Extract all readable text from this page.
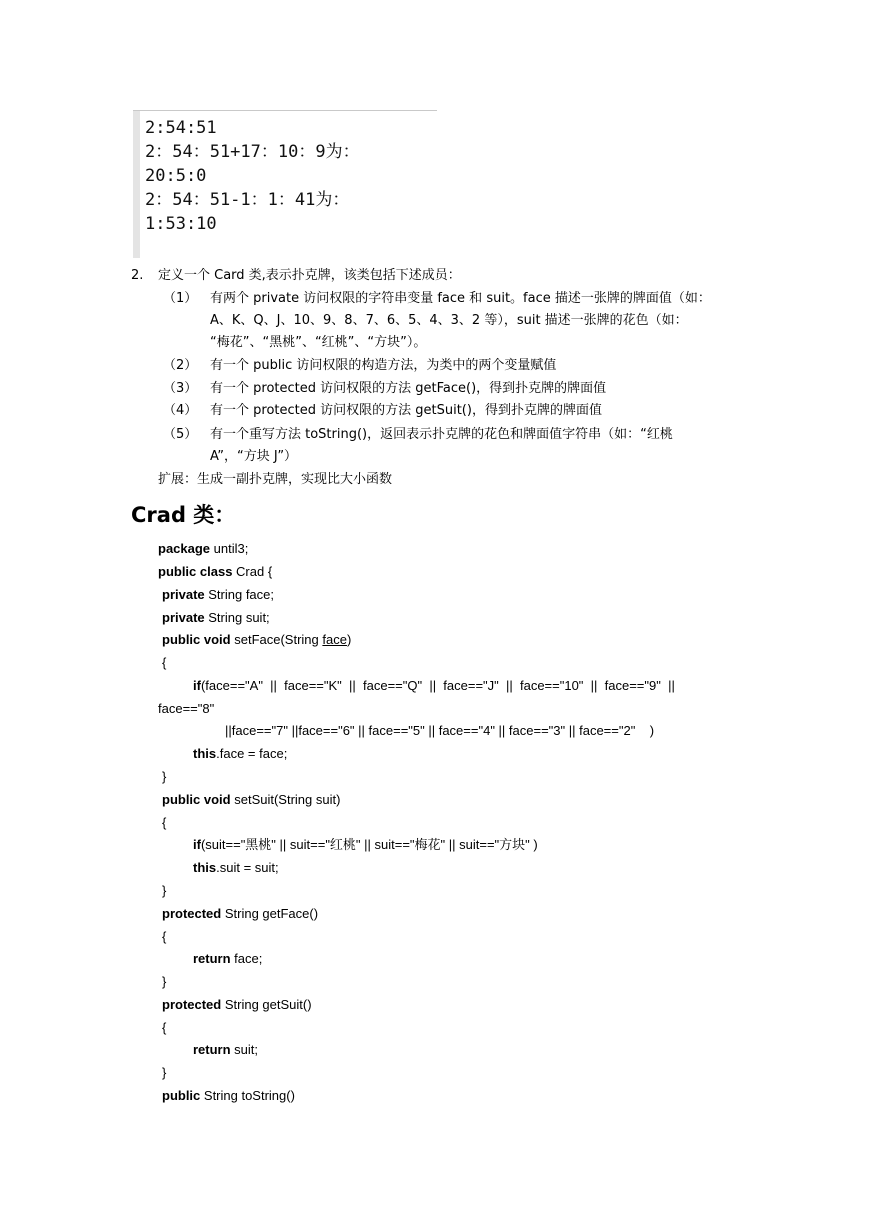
2:54:51
2：54：51+17：10：9为：
20:5:0
2：54：51-1：1：41为：
1:53:10
2. 定义一个 Card 类,表示扑克牌，该类包括下述成员：
（1） 有两个 private 访问权限的字符串变量 face 和 suit。face 描述一张牌的牌面值（如：
A、K、Q、J、10、9、8、7、6、5、4、3、2 等），suit 描述一张牌的花色（如：
“梅花”、“黑桃”、“红桃”、“方块”）。
（2） 有一个 public 访问权限的构造方法，为类中的两个变量赋值
（3） 有一个 protected 访问权限的方法 getFace()，得到扑克牌的牌面值
（4） 有一个 protected 访问权限的方法 getSuit()，得到扑克牌的牌面值
（5） 有一个重写方法 toString()，返回表示扑克牌的花色和牌面值字符串（如：“红桃
A”，“方块 J”）
扩展：生成一副扑克牌，实现比大小函数
Crad 类：
package until3;
public class Crad {
private String face;
private String suit;
public void setFace(String face)
{
if(face=="A"  ||  face=="K"  ||  face=="Q"  ||  face=="J"  ||  face=="10"  ||  face=="9"  ||
face=="8"
||face=="7" ||face=="6" || face=="5" || face=="4" || face=="3" || face=="2"    )
this.face = face;
}
public void setSuit(String suit)
{
if(suit=="黑桃" || suit=="红桃" || suit=="梅花" || suit=="方块" )
this.suit = suit;
}
protected String getFace()
{
return face;
}
protected String getSuit()
{
return suit;
}
public String toString()
